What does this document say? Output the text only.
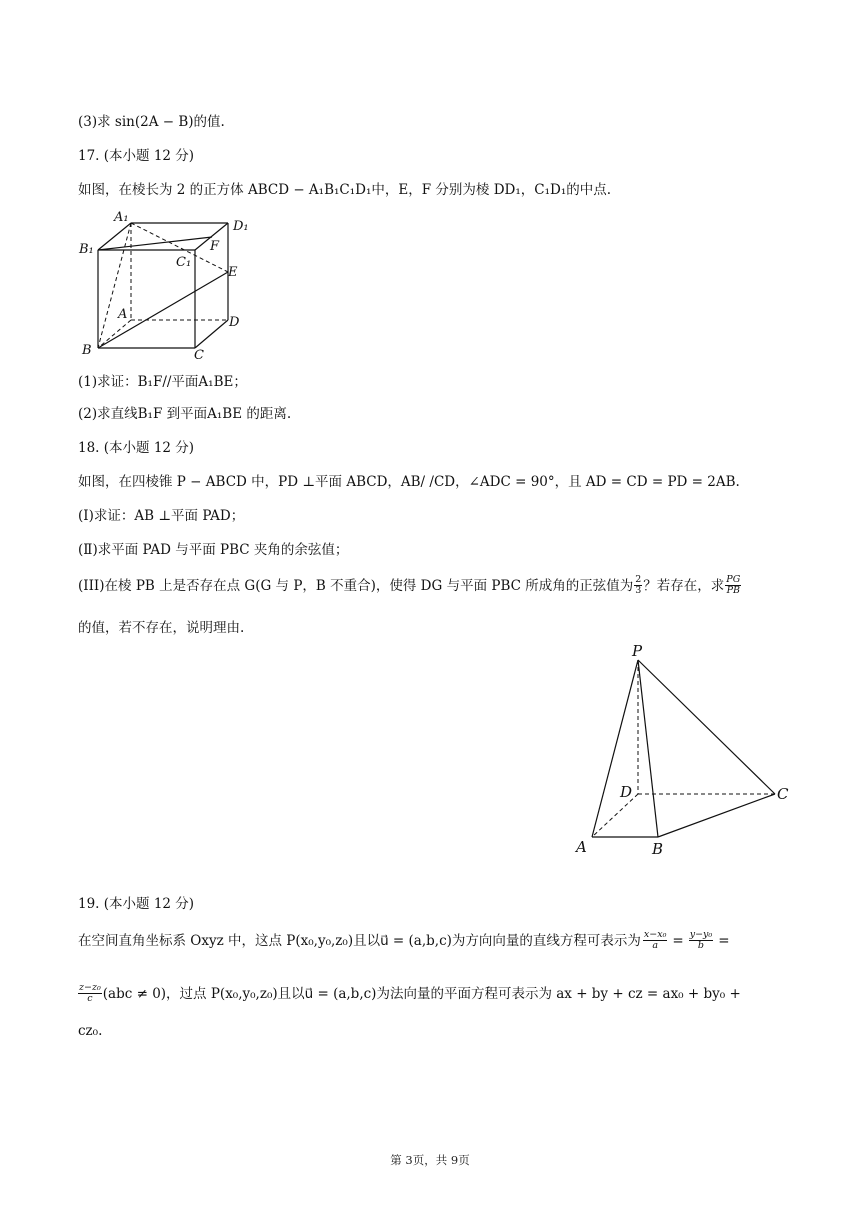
(3)求 sin(2A − B)的值.
17. (本小题 12 分)
如图，在棱长为 2 的正方体 ABCD − A₁B₁C₁D₁中，E，F 分别为棱 DD₁，C₁D₁的中点.
A₁
D₁
B₁	F
C₁
E
A
D
B	C
(1)求证：B₁F//平面A₁BE；
(2)求直线B₁F 到平面A₁BE 的距离.
18. (本小题 12 分)
如图，在四棱锥 P − ABCD 中，PD ⊥平面 ABCD，AB/ /CD，∠ADC = 90°，且 AD = CD = PD = 2AB.
(Ⅰ)求证：AB ⊥平面 PAD；
(Ⅱ)求平面 PAD 与平面 PBC 夹角的余弦值；
(III)在棱 PB 上是否存在点 G(G 与 P，B 不重合)，使得 DG 与平面 PBC 所成角的正弦值为 $\frac{2}{3}$ ？若存在，求 $\frac{PG}{PB}$
的值，若不存在，说明理由.
P
D	C
A	B
19. (本小题 12 分)
在空间直角坐标系 Oxyz 中，这点 P(x₀,y₀,z₀)且以u⃗ = (a,b,c)为方向向量的直线方程可表示为 $\frac{\text{x−x₀}}{a} = \frac{\text{y−y₀}}{b}$ =
$\frac{\text{z−z₀}}{c} (abc \ne 0)$，过点 P(x₀,y₀,z₀)且以u⃗ = (a,b,c)为法向量的平面方程可表示为 ax + by + cz = ax₀ + by₀ +
cz₀.
第 3页，共 9页
